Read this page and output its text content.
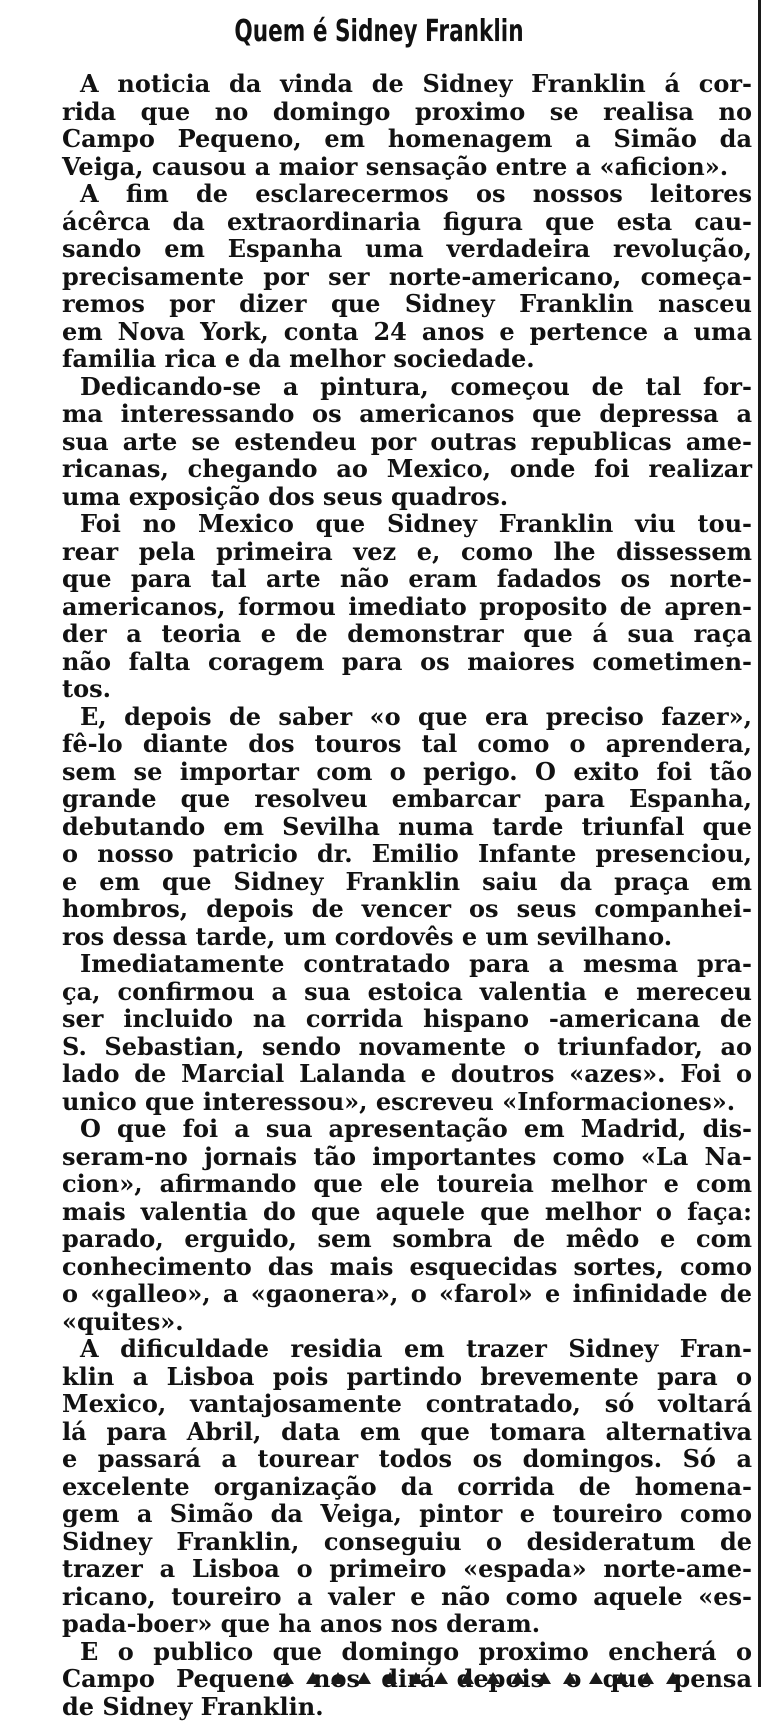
Quem é Sidney Franklin

A noticia da vinda de Sidney Franklin á cor-
rida que no domingo proximo se realisa no
Campo Pequeno, em homenagem a Simão da
Veiga, causou a maior sensação entre a «aficion».

A fim de esclarecermos os nossos leitores
ácêrca da extraordinaria figura que esta cau-
sando em Espanha uma verdadeira revolução,
precisamente por ser norte-americano, começa-
remos por dizer que Sidney Franklin nasceu
em Nova York, conta 24 anos e pertence a uma
familia rica e da melhor sociedade.

Dedicando-se a pintura, começou de tal for-
ma interessando os americanos que depressa a
sua arte se estendeu por outras republicas ame-
ricanas, chegando ao Mexico, onde foi realizar
uma exposição dos seus quadros.

Foi no Mexico que Sidney Franklin viu tou-
rear pela primeira vez e, como lhe dissessem
que para tal arte não eram fadados os norte-
americanos, formou imediato proposito de apren-
der a teoria e de demonstrar que á sua raça
não falta coragem para os maiores cometimen-
tos.

E, depois de saber «o que era preciso fazer»,
fê-lo diante dos touros tal como o aprendera,
sem se importar com o perigo. O exito foi tão
grande que resolveu embarcar para Espanha,
debutando em Sevilha numa tarde triunfal que
o nosso patricio dr. Emilio Infante presenciou,
e em que Sidney Franklin saiu da praça em
hombros, depois de vencer os seus companhei-
ros dessa tarde, um cordovês e um sevilhano.

Imediatamente contratado para a mesma pra-
ça, confirmou a sua estoica valentia e mereceu
ser incluido na corrida hispano -americana de
S. Sebastian, sendo novamente o triunfador, ao
lado de Marcial Lalanda e doutros «azes». Foi o
unico que interessou», escreveu «Informaciones».

O que foi a sua apresentação em Madrid, dis-
seram-no jornais tão importantes como «La Na-
cion», afirmando que ele toureia melhor e com
mais valentia do que aquele que melhor o faça:
parado, erguido, sem sombra de mêdo e com
conhecimento das mais esquecidas sortes, como
o «galleo», a «gaonera», o «farol» e infinidade de
«quites».

A dificuldade residia em trazer Sidney Fran-
klin a Lisboa pois partindo brevemente para o
Mexico, vantajosamente contratado, só voltará
lá para Abril, data em que tomara alternativa
e passará a tourear todos os domingos. Só a
excelente organização da corrida de homena-
gem a Simão da Veiga, pintor e toureiro como
Sidney Franklin, conseguiu o desideratum de
trazer a Lisboa o primeiro «espada» norte-ame-
ricano, toureiro a valer e não como aquele «es-
pada-boer» que ha anos nos deram.

E o publico que domingo proximo encherá o
Campo Pequeno nos dirá depois o que pensa
de Sidney Franklin.
